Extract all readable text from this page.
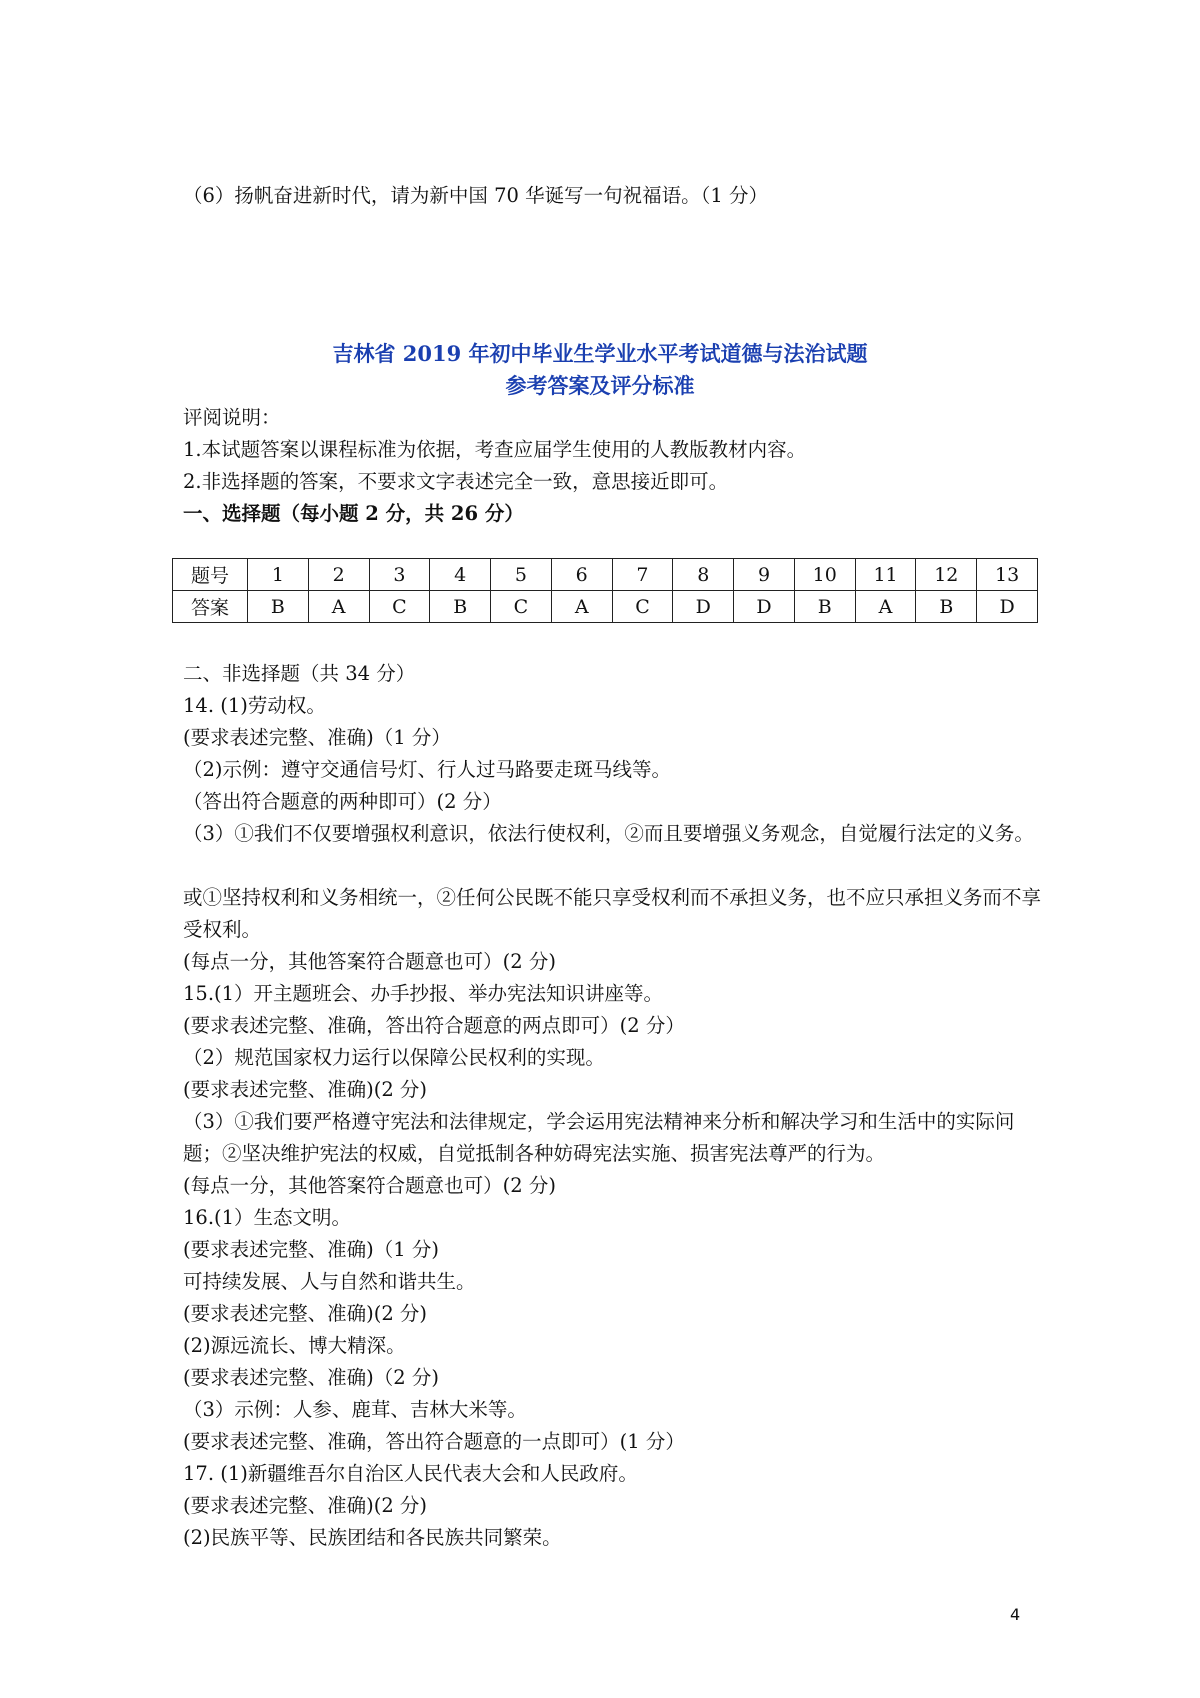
（6）扬帆奋进新时代，请为新中国 70 华诞写一句祝福语。（1 分）
吉林省 2019 年初中毕业生学业水平考试道德与法治试题
参考答案及评分标准
评阅说明：
1.本试题答案以课程标准为依据，考查应届学生使用的人教版教材内容。
2.非选择题的答案，不要求文字表述完全一致，意思接近即可。
一、选择题（每小题 2 分，共 26 分）
题号	1	2	3	4	5	6	7	8	9	10	11	12	13
答案	B	A	C	B	C	A	C	D	D	B	A	B	D
二、非选择题（共 34 分）
14. (1)劳动权。
(要求表述完整、准确)（1 分）
（2)示例：遵守交通信号灯、行人过马路要走斑马线等。
（答出符合题意的两种即可）(2 分）
（3）①我们不仅要增强权利意识，依法行使权利，②而且要增强义务观念，自觉履行法定的义务。
或①坚持权利和义务相统一，②任何公民既不能只享受权利而不承担义务，也不应只承担义务而不享受权利。
(每点一分，其他答案符合题意也可）(2 分)
15.(1）开主题班会、办手抄报、举办宪法知识讲座等。
(要求表述完整、准确，答出符合题意的两点即可）(2 分）
（2）规范国家权力运行以保障公民权利的实现。
(要求表述完整、准确)(2 分)
（3）①我们要严格遵守宪法和法律规定，学会运用宪法精神来分析和解决学习和生活中的实际问题；②坚决维护宪法的权威，自觉抵制各种妨碍宪法实施、损害宪法尊严的行为。
(每点一分，其他答案符合题意也可）(2 分)
16.(1）生态文明。
(要求表述完整、准确)（1 分)
可持续发展、人与自然和谐共生。
(要求表述完整、准确)(2 分)
(2)源远流长、博大精深。
(要求表述完整、准确)（2 分)
（3）示例：人参、鹿茸、吉林大米等。
(要求表述完整、准确，答出符合题意的一点即可）(1 分）
17. (1)新疆维吾尔自治区人民代表大会和人民政府。
(要求表述完整、准确)(2 分)
(2)民族平等、民族团结和各民族共同繁荣。
4
